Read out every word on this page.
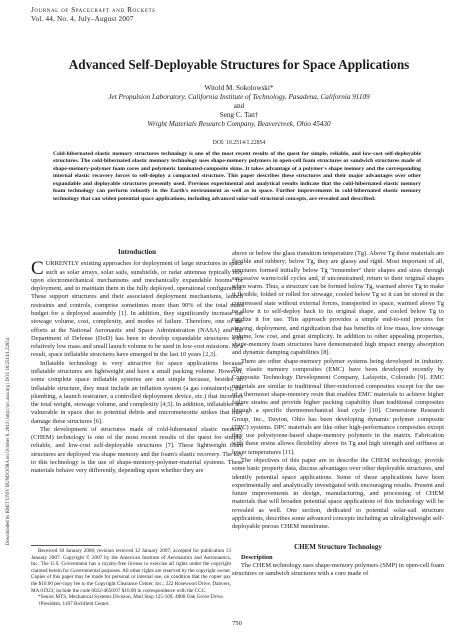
Journal of Spacecraft and Rockets
Vol. 44, No. 4, July–August 2007
Advanced Self-Deployable Structures for Space Applications
Witold M. Sokolowski*
Jet Propulsion Laboratory, California Institute of Technology, Pasadena, California 91109
and
Seng C. Tan†
Wright Materials Research Company, Beavercreek, Ohio 45430
DOI: 10.2514/1.22854

Cold-hibernated elastic memory structures technology is one of the most recent results of the quest for simple, reliable, and low-cost self-deployable structures. The cold-hibernated elastic memory technology uses shape-memory polymers in open-cell foam structures or sandwich structures made of shape-memory-polymer foam cores and polymeric laminated-composite skins. It takes advantage of a polymer's shape memory and the corresponding internal elastic recovery forces to self-deploy a compacted structure. This paper describes these structures and their major advantages over other expandable and deployable structures presently used. Previous experimental and analytical results indicate that the cold-hibernated elastic memory foam technology can perform robustly in the Earth's environment as well as in space. Further improvements in cold-hibernated elastic memory technology that can widen potential space applications, including advanced solar-sail structural concepts, are revealed and described.

Downloaded by RMIT UNIV BUNDOORA on October 8, 2013 | http://arc.aiaa.org | DOI: 10.2514/1.22854
Introduction

CURRENTLY existing approaches for deployment of large structures in space such as solar arrays, solar sails, sunshields, or radar antennas typically rely upon electromechanical mechanisms and mechanically expandable booms for deployment, and to maintain them in the fully deployed, operational configuration. These support structures and their associated deployment mechanisms, launch restraints and controls, comprise sometimes more than 90% of the total mass budget for a deployed assembly [1]. In addition, they significantly increase the stowage volume, cost, complexity, and modes of failure. Therefore, one of the efforts at the National Aeronautic and Space Administration (NASA) and the Department of Defense (DoD) has been to develop expandable structures with relatively low mass and small launch volume to be used in low-cost missions. As a result, space inflatable structures have emerged in the last 10 years [2,3].

Inflatable technology is very attractive for space applications because inflatable structures are lightweight and have a small packing volume. However, some complete space inflatable systems are not simple because, besides an inflatable structure, they must include an inflation system (a gas container(s), the plumbing, a launch restrainer, a controlled deployment device, etc.) that increases the total weight, stowage volume, and complexity [4,5]. In addition, inflatables are vulnerable in space due to potential debris and micrometeorite strikes that may damage these structures [6].

The development of structures made of cold-hibernated elastic memory (CHEM) technology is one of the most recent results of the quest for simple, reliable, and low-cost self-deployable structures [7]. These lightweight foam structures are deployed via shape memory and the foam's elastic recovery. The key to this technology is the use of shape-memory-polymer-material systems. These materials behave very differently, depending upon whether they are

above or below the glass transition temperature (Tg). Above Tg these materials are flexible and rubbery; below Tg, they are glassy and rigid. Most important of all, structures formed initially below Tg "remember" their shapes and sizes through successive warm/cold cycles and, if unconstrained, return to their original shapes when warm. Thus, a structure can be formed below Tg, warmed above Tg to make it flexible, folded or rolled for stowage, cooled below Tg so it can be stored in the compressed state without external forces, transported to space, warmed above Tg to allow it to self-deploy back to its original shape, and cooled below Tg to rigidize it for use. This approach provides a simple end-to-end process for stowing, deployment, and rigidization that has benefits of low mass, low stowage volume, low cost, and great simplicity. In addition to other appealing properties, shape-memory foam structures have demonstrated high impact energy absorption and dynamic damping capabilities [8].

There are other shape-memory polymer systems being developed in industry. The elastic memory composites (EMC) have been developed recently by Composite Technology Development Company, Lafayette, Colorado [9]. EMC materials are similar to traditional fiber-reinforced composites except for the use of a thermoset shape-memory resin that enables EMC materials to achieve higher failure strains and provide higher packing capability than traditional composites through a specific thermomechanical load cycle [10]. Cornerstone Research Group, Inc., Dayton, Ohio has been developing dynamic polymer composite (DPC) systems. DPC materials are like other high-performance composites except they use polystyrene-based shape-memory polymers in the matrix. Fabrication with these resins allows flexibility above its Tg and high strength and stiffness at lower temperatures [11].

The objectives of this paper are to describe the CHEM technology, provide some basic property data, discuss advantages over other deployable structures, and identify potential space applications. Some of these applications have been experimentally and analytically investigated with encouraging results. Present and future improvements in design, manufacturing, and processing of CHEM materials that will broaden potential space applications of this technology will be revealed as well. One section, dedicated to potential solar-sail structure applications, describes some advanced concepts including an ultralightweight self-deployable porous CHEM membrane.

CHEM Structure Technology

Description

The CHEM technology uses shape-memory polymers (SMP) in open-cell foam structures or sandwich structures with a core made of

Received 30 January 2006; revision received 12 January 2007; accepted for publication 13 January 2007. Copyright © 2007 by the American Institute of Aeronautics and Astronautics, Inc. The U.S. Government has a royalty-free license to exercise all rights under the copyright claimed herein for Governmental purposes. All other rights are reserved by the copyright owner. Copies of this paper may be made for personal or internal use, on condition that the copier pay the $10.00 per-copy fee to the Copyright Clearance Center, Inc., 222 Rosewood Drive, Danvers, MA 01923; include the code 0022-4650/07 $10.00 in correspondence with the CCC.

*Senior MTS, Mechanical Systems Division, Mail Stop 125-109, 4800 Oak Grove Drive.

†President, 1187 Richfield Center.

750
